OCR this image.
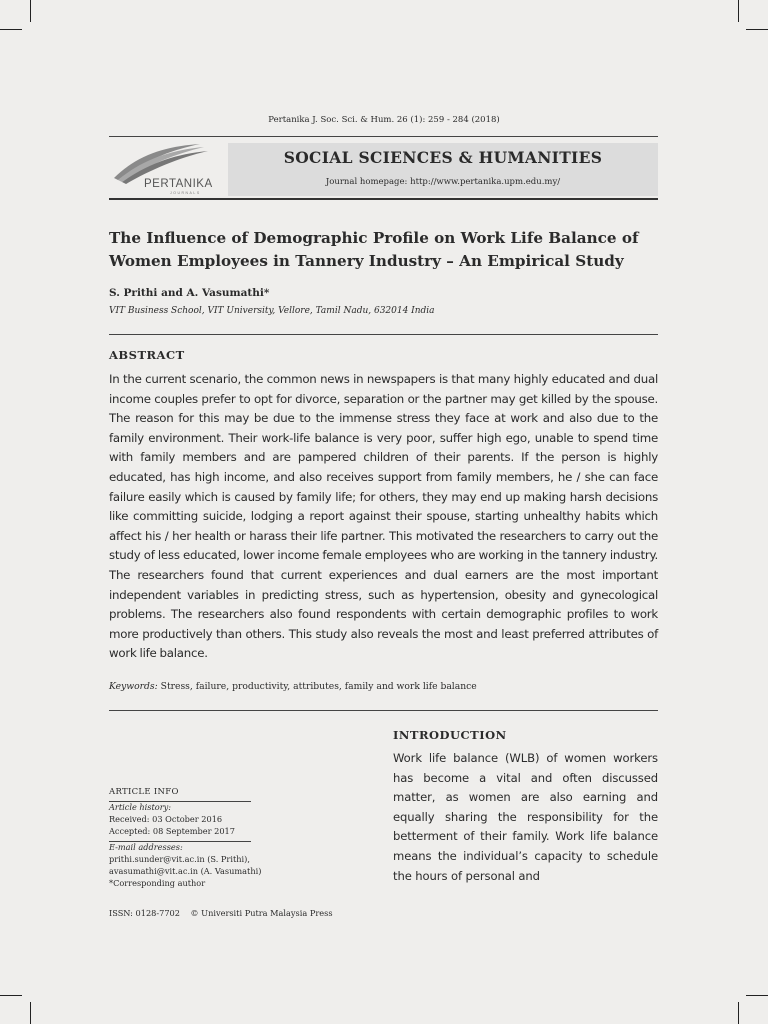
Pertanika J. Soc. Sci. & Hum. 26 (1): 259 - 284 (2018)
PERTANIKA
JOURNALS
SOCIAL SCIENCES & HUMANITIES
Journal homepage: http://www.pertanika.upm.edu.my/
The Influence of Demographic Profile on Work Life Balance of
Women Employees in Tannery Industry – An Empirical Study
S. Prithi and A. Vasumathi*
VIT Business School, VIT University, Vellore, Tamil Nadu, 632014 India
ABSTRACT
In the current scenario, the common news in newspapers is that many highly educated and dual income couples prefer to opt for divorce, separation or the partner may get killed by the spouse. The reason for this may be due to the immense stress they face at work and also due to the family environment. Their work-life balance is very poor, suffer high ego, unable to spend time with family members and are pampered children of their parents. If the person is highly educated, has high income, and also receives support from family members, he / she can face failure easily which is caused by family life; for others, they may end up making harsh decisions like committing suicide, lodging a report against their spouse, starting unhealthy habits which affect his / her health or harass their life partner. This motivated the researchers to carry out the study of less educated, lower income female employees who are working in the tannery industry. The researchers found that current experiences and dual earners are the most important independent variables in predicting stress, such as hypertension, obesity and gynecological problems. The researchers also found respondents with certain demographic profiles to work more productively than others. This study also reveals the most and least preferred attributes of work life balance.
Keywords: Stress, failure, productivity, attributes, family and work life balance
INTRODUCTION
Work life balance (WLB) of women workers has become a vital and often discussed matter, as women are also earning and equally sharing the responsibility for the betterment of their family. Work life balance means the individual’s capacity to schedule the hours of personal and
ARTICLE INFO
Article history:
Received: 03 October 2016
Accepted: 08 September 2017
E-mail addresses:
prithi.sunder@vit.ac.in (S. Prithi),
avasumathi@vit.ac.in (A. Vasumathi)
*Corresponding author
ISSN: 0128-7702    © Universiti Putra Malaysia Press
